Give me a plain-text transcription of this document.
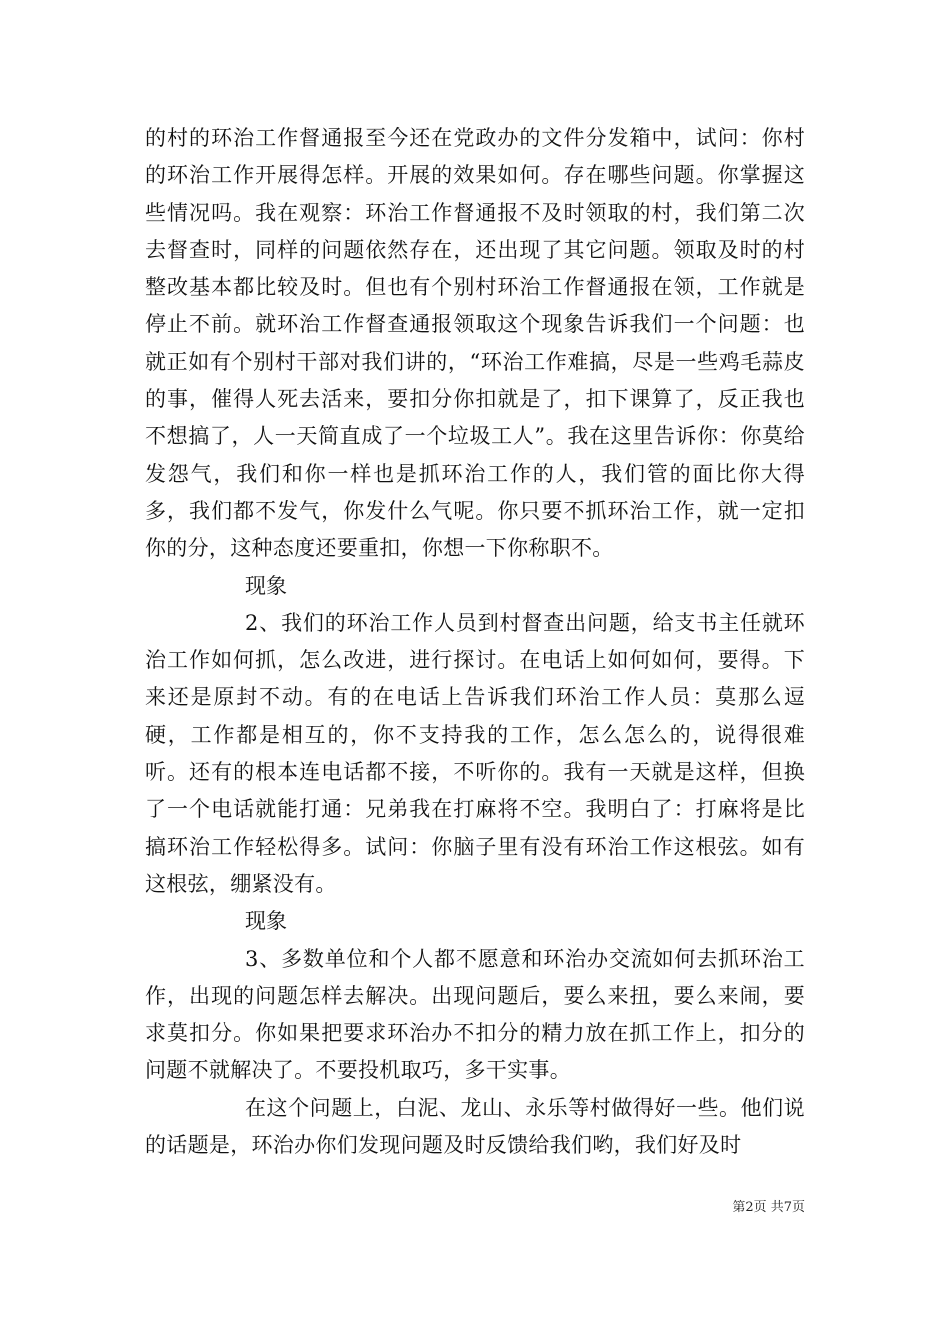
的村的环治工作督通报至今还在党政办的文件分发箱中，试问：你村的环治工作开展得怎样。开展的效果如何。存在哪些问题。你掌握这些情况吗。我在观察：环治工作督通报不及时领取的村，我们第二次去督查时，同样的问题依然存在，还出现了其它问题。领取及时的村整改基本都比较及时。但也有个别村环治工作督通报在领，工作就是停止不前。就环治工作督查通报领取这个现象告诉我们一个问题：也就正如有个别村干部对我们讲的，“环治工作难搞，尽是一些鸡毛蒜皮的事，催得人死去活来，要扣分你扣就是了，扣下课算了，反正我也不想搞了，人一天简直成了一个垃圾工人”。我在这里告诉你：你莫给发怨气，我们和你一样也是抓环治工作的人，我们管的面比你大得多，我们都不发气，你发什么气呢。你只要不抓环治工作，就一定扣你的分，这种态度还要重扣，你想一下你称职不。

现象

2、我们的环治工作人员到村督查出问题，给支书主任就环治工作如何抓，怎么改进，进行探讨。在电话上如何如何，要得。下来还是原封不动。有的在电话上告诉我们环治工作人员：莫那么逗硬，工作都是相互的，你不支持我的工作，怎么怎么的，说得很难听。还有的根本连电话都不接，不听你的。我有一天就是这样，但换了一个电话就能打通：兄弟我在打麻将不空。我明白了：打麻将是比搞环治工作轻松得多。试问：你脑子里有没有环治工作这根弦。如有这根弦，绷紧没有。

现象

3、多数单位和个人都不愿意和环治办交流如何去抓环治工作，出现的问题怎样去解决。出现问题后，要么来扭，要么来闹，要求莫扣分。你如果把要求环治办不扣分的精力放在抓工作上，扣分的问题不就解决了。不要投机取巧，多干实事。

在这个问题上，白泥、龙山、永乐等村做得好一些。他们说的话题是，环治办你们发现问题及时反馈给我们哟，我们好及时

第2页 共7页
